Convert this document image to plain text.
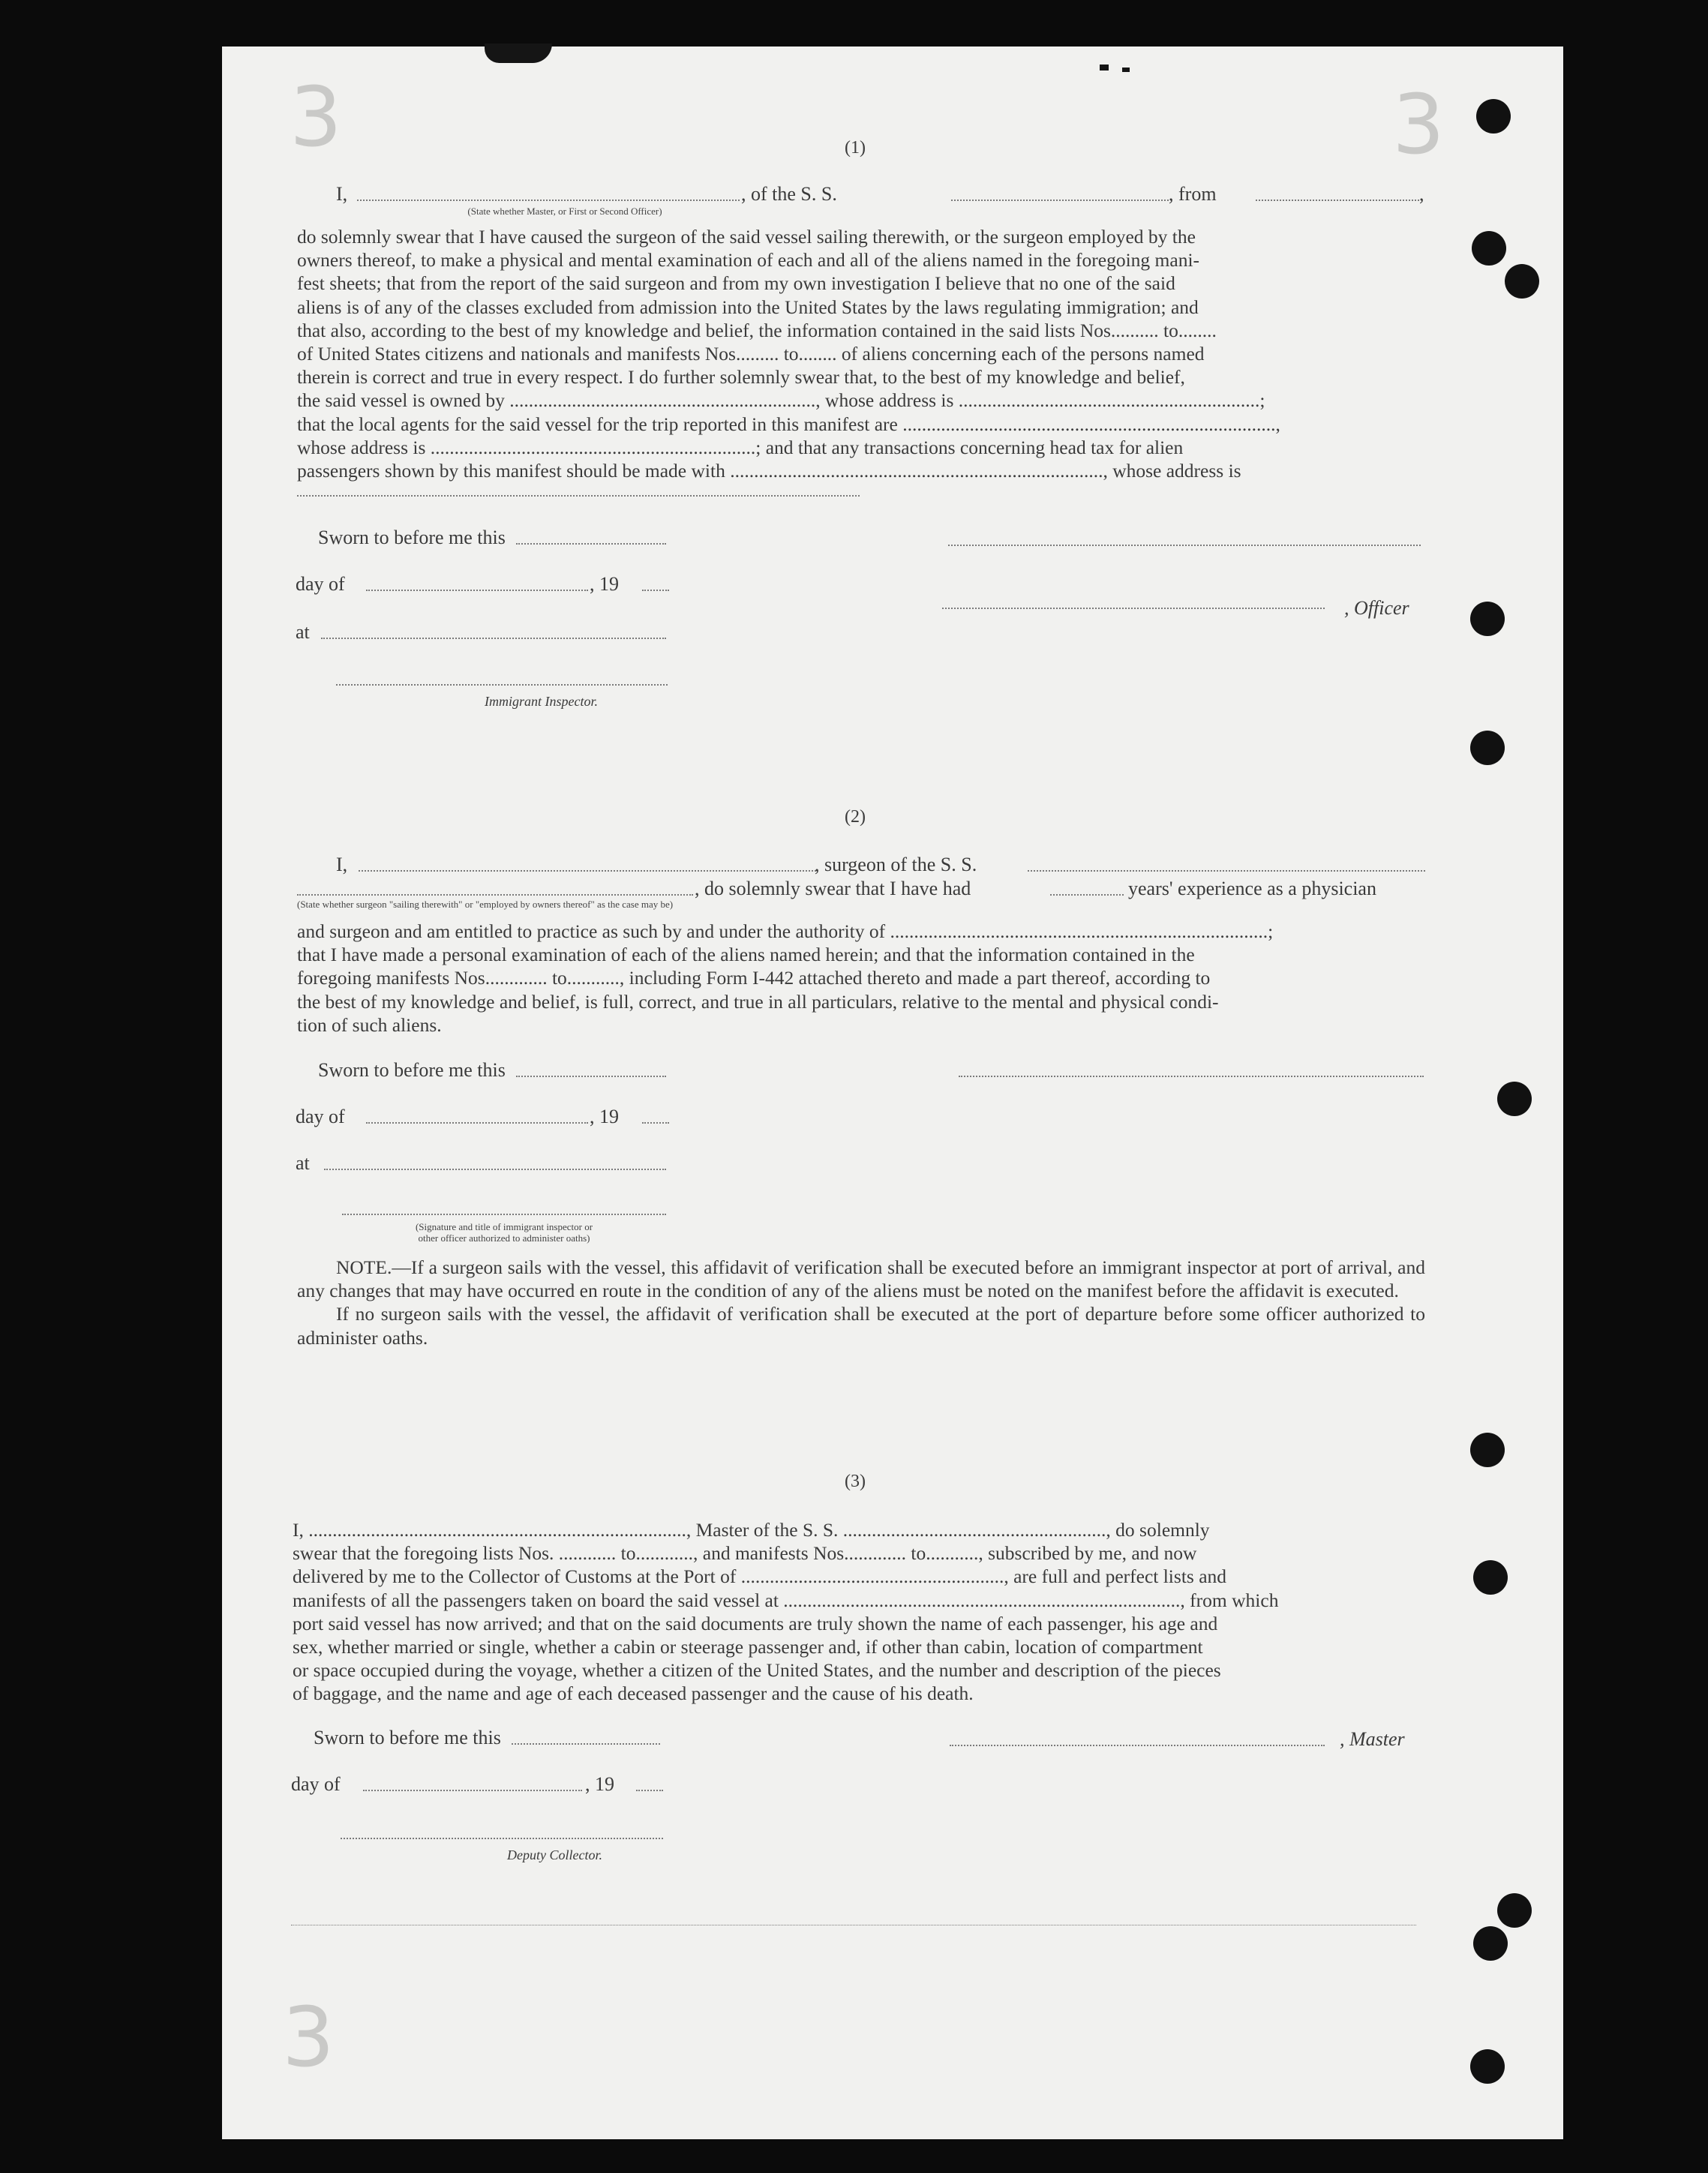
3	3
3
(1)
I,	, of the S. S.	, from	,
(State whether Master, or First or Second Officer)

do solemnly swear that I have caused the surgeon of the said vessel sailing therewith, or the surgeon employed by the

owners thereof, to make a physical and mental examination of each and all of the aliens named in the foregoing mani-

fest sheets; that from the report of the said surgeon and from my own investigation I believe that no one of the said

aliens is of any of the classes excluded from admission into the United States by the laws regulating immigration; and

that also, according to the best of my knowledge and belief, the information contained in the said lists Nos.......... to........

of United States citizens and nationals and manifests Nos......... to........ of aliens concerning each of the persons named

therein is correct and true in every respect. I do further solemnly swear that, to the best of my knowledge and belief,

the said vessel is owned by ................................................................, whose address is ...............................................................;

that the local agents for the said vessel for the trip reported in this manifest are ..............................................................................,

whose address is ....................................................................; and that any transactions concerning head tax for alien

passengers shown by this manifest should be made with .............................................................................., whose address is

Sworn to before me this
day of	, 19
, Officer
at
Immigrant Inspector.
(2)
I,	, surgeon of the S. S.
, do solemnly swear that I have had	years' experience as a physician
(State whether surgeon "sailing therewith" or "employed by owners thereof" as the case may be)

and surgeon and am entitled to practice as such by and under the authority of ...............................................................................;

that I have made a personal examination of each of the aliens named herein; and that the information contained in the

foregoing manifests Nos............. to..........., including Form I-442 attached thereto and made a part thereof, according to

the best of my knowledge and belief, is full, correct, and true in all particulars, relative to the mental and physical condi-

tion of such aliens.

Sworn to before me this
day of	, 19
at
(Signature and title of immigrant inspector or
other officer authorized to administer oaths)

NOTE.—If a surgeon sails with the vessel, this affidavit of verification shall be executed before an immigrant inspector at port of arrival, and any changes that may have occurred en route in the condition of any of the aliens must be noted on the manifest before the affidavit is executed.

If no surgeon sails with the vessel, the affidavit of verification shall be executed at the port of departure before some officer authorized to administer oaths.

(3)

I, ..............................................................................., Master of the S. S. ......................................................., do solemnly

swear that the foregoing lists Nos. ............ to............, and manifests Nos............. to..........., subscribed by me, and now

delivered by me to the Collector of Customs at the Port of ......................................................., are full and perfect lists and

manifests of all the passengers taken on board the said vessel at ..................................................................................., from which

port said vessel has now arrived; and that on the said documents are truly shown the name of each passenger, his age and

sex, whether married or single, whether a cabin or steerage passenger and, if other than cabin, location of compartment

or space occupied during the voyage, whether a citizen of the United States, and the number and description of the pieces

of baggage, and the name and age of each deceased passenger and the cause of his death.

Sworn to before me this	, Master
day of	, 19
Deputy Collector.
